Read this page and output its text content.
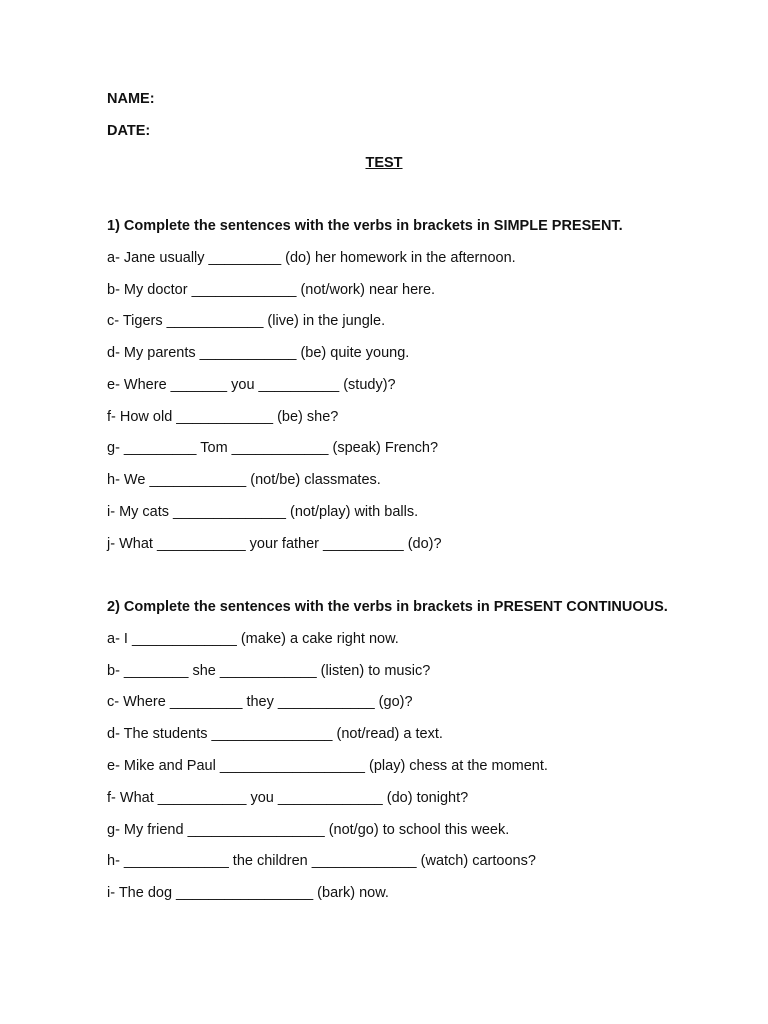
NAME:
DATE:
TEST
1) Complete the sentences with the verbs in brackets in SIMPLE PRESENT.
a- Jane usually _________ (do) her homework in the afternoon.
b- My doctor _____________ (not/work) near here.
c- Tigers ____________ (live) in the jungle.
d- My parents ____________ (be) quite young.
e- Where _______ you __________ (study)?
f- How old ____________ (be) she?
g- _________ Tom ____________ (speak) French?
h- We ____________ (not/be) classmates.
i- My cats ______________ (not/play) with balls.
j- What ___________ your father __________ (do)?
2) Complete the sentences with the verbs in brackets in PRESENT CONTINUOUS.
a- I _____________ (make) a cake right now.
b- ________ she ____________ (listen) to music?
c- Where _________ they ____________ (go)?
d- The students _______________ (not/read) a text.
e- Mike and Paul __________________ (play) chess at the moment.
f- What ___________ you _____________ (do) tonight?
g- My friend _________________ (not/go) to school this week.
h- _____________ the children _____________ (watch) cartoons?
i- The dog _________________ (bark) now.
